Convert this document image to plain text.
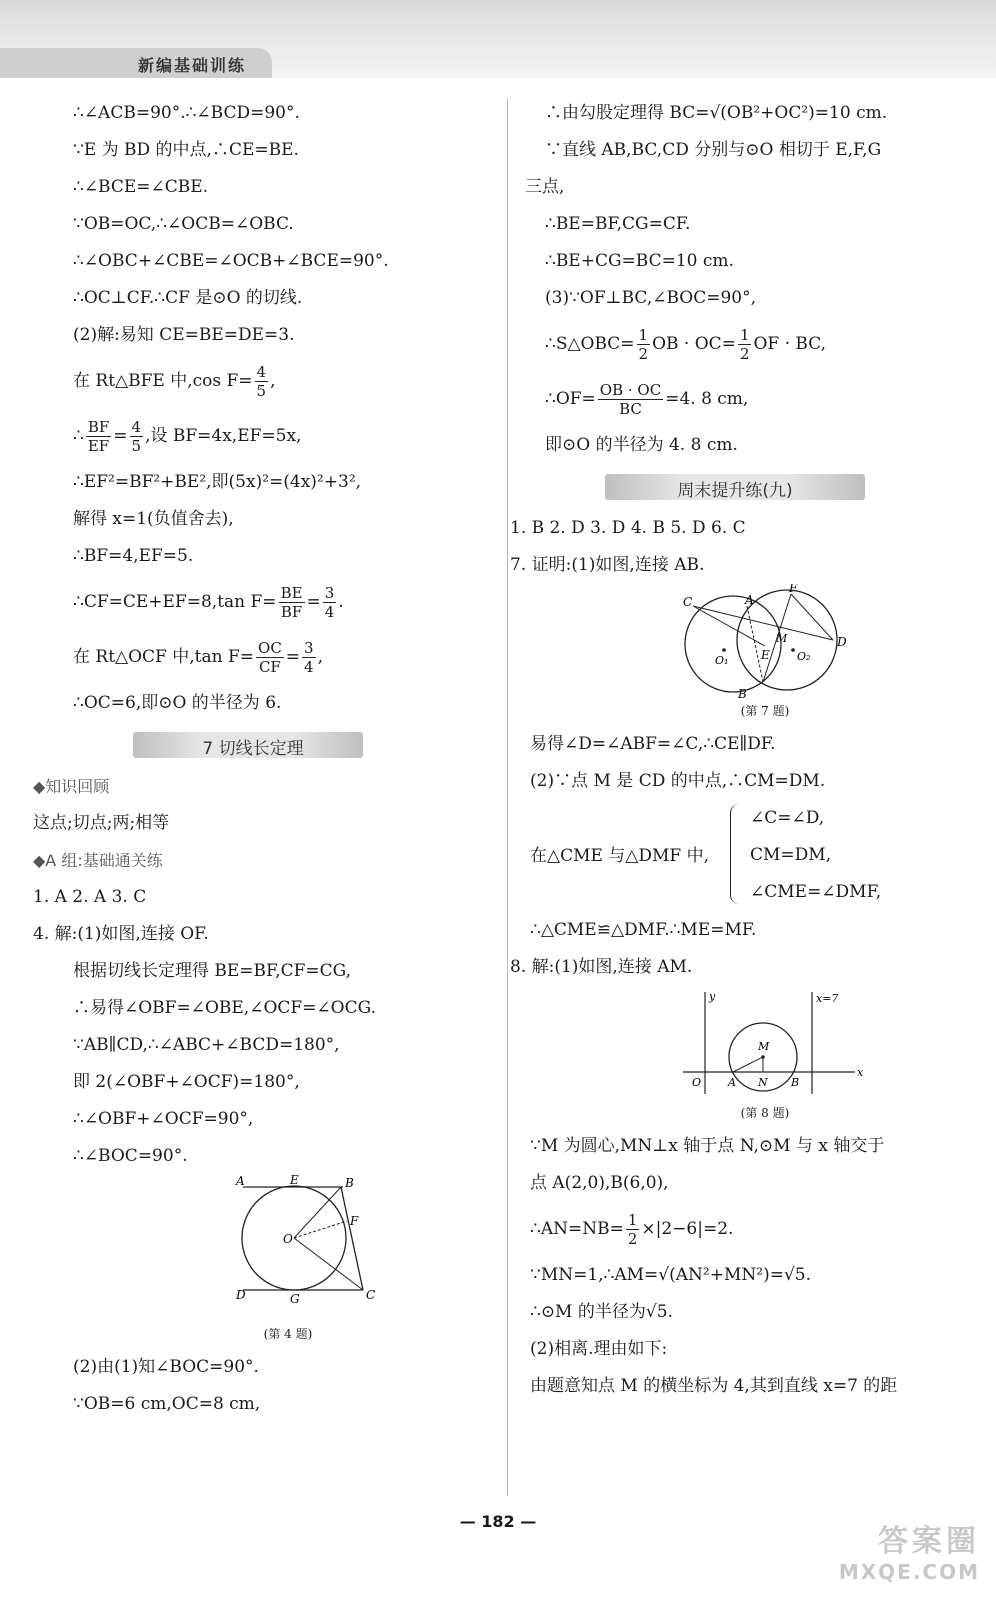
新编基础训练
∴∠ACB=90°.∴∠BCD=90°.
∵E 为 BD 的中点,∴CE=BE.
∴∠BCE=∠CBE.
∵OB=OC,∴∠OCB=∠OBC.
∴∠OBC+∠CBE=∠OCB+∠BCE=90°.
∴OC⊥CF.∴CF 是⊙O 的切线.
(2)解:易知 CE=BE=DE=3.
在 Rt△BFE 中,cos $F= \frac{4}{5}$ ,
∴ $\frac{BF}{EF} = \frac{4}{5}$ ,设 BF=4x,EF=5x,
∴EF²=BF²+BE²,即(5x)²=(4x)²+3²,
解得 x=1(负值舍去),
∴BF=4,EF=5.
∴CF=CE+EF=8,tan $F= \frac{BE}{BF} = \frac{3}{4}$ .
在 Rt△OCF 中,tan $F= \frac{OC}{CF} = \frac{3}{4}$ ,
∴OC=6,即⊙O 的半径为 6.
7 切线长定理
◆知识回顾
这点;切点;两;相等
◆A 组:基础通关练
1. A 2. A 3. C
4. 解:(1)如图,连接 OF.
根据切线长定理得 BE=BF,CF=CG,
∴易得∠OBF=∠OBE,∠OCF=∠OCG.
∵AB∥CD,∴∠ABC+∠BCD=180°,
即 2(∠OBF+∠OCF)=180°,
∴∠OBF+∠OCF=90°,
∴∠BOC=90°.
A	E	B
O
F
D	G	C
(第 4 题)
(2)由(1)知∠BOC=90°.
∵OB=6 cm,OC=8 cm,
∴由勾股定理得 BC=√(OB²+OC²)=10 cm.
∵直线 AB,BC,CD 分别与⊙O 相切于 E,F,G
三点,
∴BE=BF,CG=CF.
∴BE+CG=BC=10 cm.
(3)∵OF⊥BC,∠BOC=90°,
∴S△OBC= $\frac{1}{2}$ OB · $OC= \frac{1}{2}$ OF · BC,
∴OF= $\frac{OB \cdot OC}{BC} =4$. 8 cm,
即⊙O 的半径为 4. 8 cm.
周末提升练(九)
1. B 2. D 3. D 4. B 5. D 6. C
7. 证明:(1)如图,连接 AB.
C	A
F
M
E
D
O₁	O₂
B
(第 7 题)
易得∠D=∠ABF=∠C,∴CE∥DF.
(2)∵点 M 是 CD 的中点,∴CM=DM.
在△CME 与△DMF 中,
∠C=∠D,
CM=DM,
∠CME=∠DMF,
∴△CME≌△DMF.∴ME=MF.
8. 解:(1)如图,连接 AM.
y	x=7
M
O A N B
x
(第 8 题)
∵M 为圆心,MN⊥x 轴于点 N,⊙M 与 x 轴交于
点 A(2,0),B(6,0),
∴AN=NB= $\frac{1}{2} \times|2-6|=2$.
∵MN=1,∴AM=√(AN²+MN²)=√5.
∴⊙M 的半径为√5.
(2)相离.理由如下:
由题意知点 M 的横坐标为 4,其到直线 x=7 的距
— 182 —
答案圈
MXQE.COM
